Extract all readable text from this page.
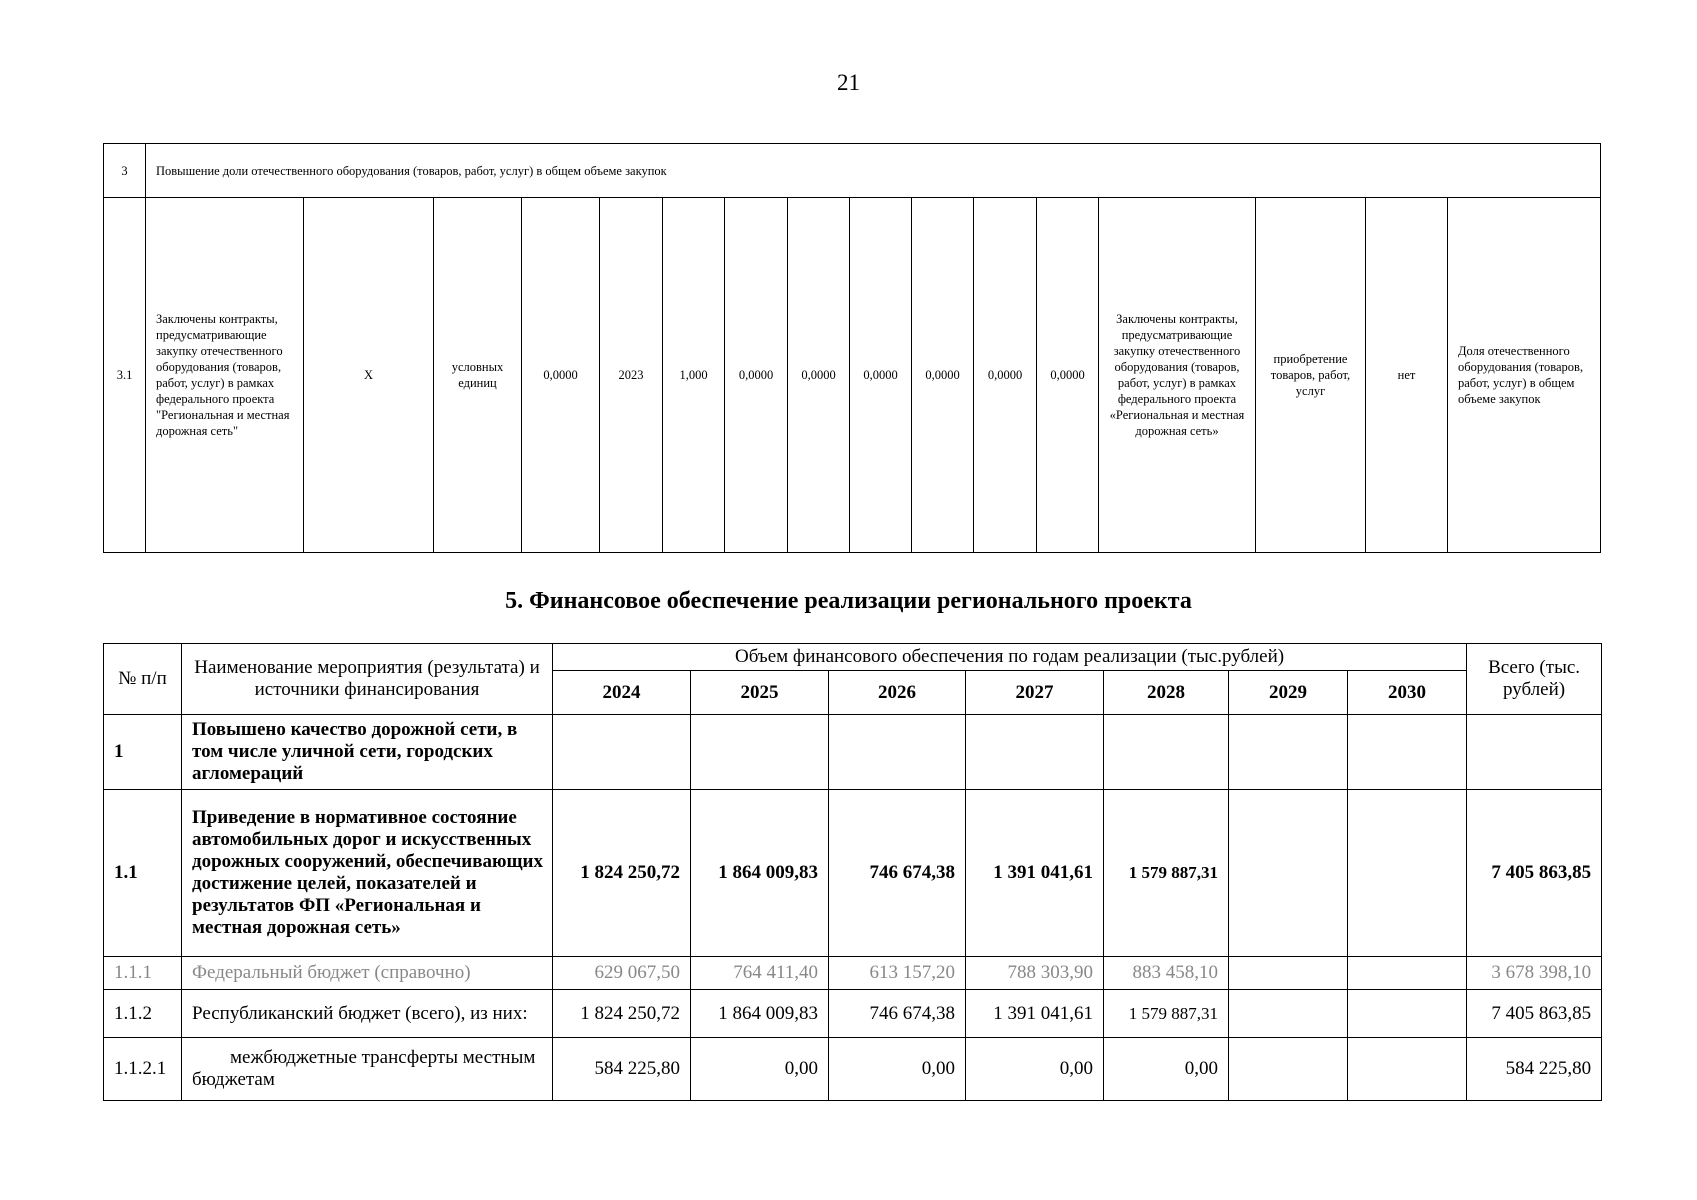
21
3	Повышение доли отечественного оборудования (товаров, работ, услуг) в общем объеме закупок															
3.1	Заключены контракты, предусматривающие закупку отечественного оборудования (товаров, работ, услуг) в рамках федерального проекта "Региональная и местная дорожная сеть"	X	условных единиц	0,0000	2023	1,000	0,0000	0,0000	0,0000	0,0000	0,0000	0,0000	Заключены контракты, предусматривающие закупку отечественного оборудования (товаров, работ, услуг) в рамках федерального проекта «Региональная и местная дорожная сеть»	приобретение товаров, работ, услуг	нет	Доля отечественного оборудования (товаров, работ, услуг) в общем объеме закупок
5. Финансовое обеспечение реализации регионального проекта
№ п/п	Наименование мероприятия (результата) и источники финансирования	Объем финансового обеспечения по годам реализации (тыс.рублей)							Всего (тыс. рублей)
		2024	2025	2026	2027	2028	2029	2030	
1	Повышено качество дорожной сети, в том числе уличной сети, городских агломераций								
1.1	Приведение в нормативное состояние автомобильных дорог и искусственных дорожных сооружений, обеспечивающих достижение целей, показателей и результатов ФП «Региональная и местная дорожная сеть»	1 824 250,72	1 864 009,83	746 674,38	1 391 041,61	1 579 887,31			7 405 863,85
1.1.1	Федеральный бюджет (справочно)	629 067,50	764 411,40	613 157,20	788 303,90	883 458,10			3 678 398,10
1.1.2	Республиканский бюджет (всего), из них:	1 824 250,72	1 864 009,83	746 674,38	1 391 041,61	1 579 887,31			7 405 863,85
1.1.2.1	межбюджетные трансферты местным бюджетам	584 225,80	0,00	0,00	0,00	0,00			584 225,80
